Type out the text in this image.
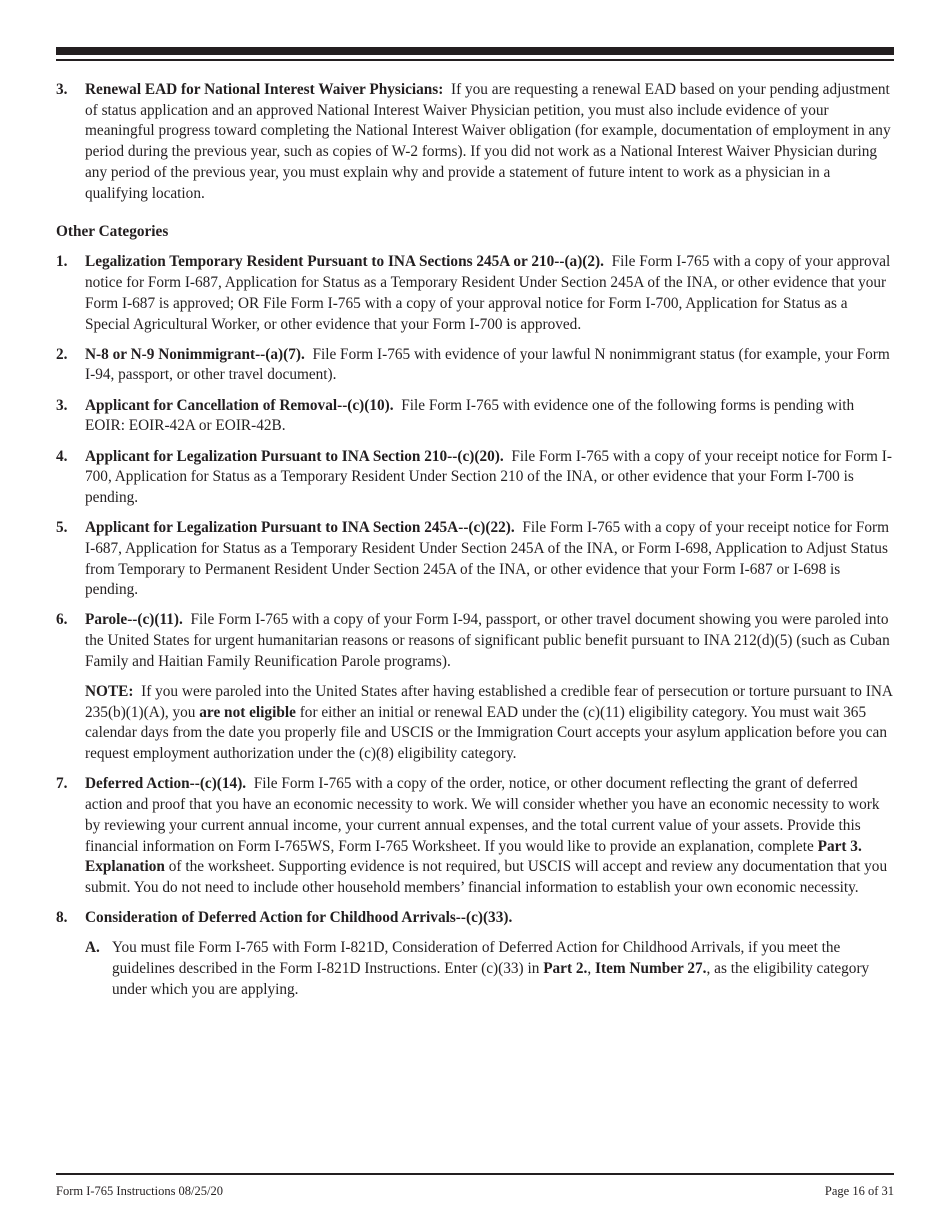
3.	Renewal EAD for National Interest Waiver Physicians: If you are requesting a renewal EAD based on your pending adjustment of status application and an approved National Interest Waiver Physician petition, you must also include evidence of your meaningful progress toward completing the National Interest Waiver obligation (for example, documentation of employment in any period during the previous year, such as copies of W-2 forms). If you did not work as a National Interest Waiver Physician during any period of the previous year, you must explain why and provide a statement of future intent to work as a physician in a qualifying location.
Other Categories
1.	Legalization Temporary Resident Pursuant to INA Sections 245A or 210--(a)(2). File Form I-765 with a copy of your approval notice for Form I-687, Application for Status as a Temporary Resident Under Section 245A of the INA, or other evidence that your Form I-687 is approved; OR File Form I-765 with a copy of your approval notice for Form I-700, Application for Status as a Special Agricultural Worker, or other evidence that your Form I-700 is approved.
2.	N-8 or N-9 Nonimmigrant--(a)(7). File Form I-765 with evidence of your lawful N nonimmigrant status (for example, your Form I-94, passport, or other travel document).
3.	Applicant for Cancellation of Removal--(c)(10). File Form I-765 with evidence one of the following forms is pending with EOIR: EOIR-42A or EOIR-42B.
4.	Applicant for Legalization Pursuant to INA Section 210--(c)(20). File Form I-765 with a copy of your receipt notice for Form I-700, Application for Status as a Temporary Resident Under Section 210 of the INA, or other evidence that your Form I-700 is pending.
5.	Applicant for Legalization Pursuant to INA Section 245A--(c)(22). File Form I-765 with a copy of your receipt notice for Form I-687, Application for Status as a Temporary Resident Under Section 245A of the INA, or Form I-698, Application to Adjust Status from Temporary to Permanent Resident Under Section 245A of the INA, or other evidence that your Form I-687 or I-698 is pending.
6.	Parole--(c)(11). File Form I-765 with a copy of your Form I-94, passport, or other travel document showing you were paroled into the United States for urgent humanitarian reasons or reasons of significant public benefit pursuant to INA 212(d)(5) (such as Cuban Family and Haitian Family Reunification Parole programs).
NOTE: If you were paroled into the United States after having established a credible fear of persecution or torture pursuant to INA 235(b)(1)(A), you are not eligible for either an initial or renewal EAD under the (c)(11) eligibility category. You must wait 365 calendar days from the date you properly file and USCIS or the Immigration Court accepts your asylum application before you can request employment authorization under the (c)(8) eligibility category.
7.	Deferred Action--(c)(14). File Form I-765 with a copy of the order, notice, or other document reflecting the grant of deferred action and proof that you have an economic necessity to work. We will consider whether you have an economic necessity to work by reviewing your current annual income, your current annual expenses, and the total current value of your assets. Provide this financial information on Form I-765WS, Form I-765 Worksheet. If you would like to provide an explanation, complete Part 3. Explanation of the worksheet. Supporting evidence is not required, but USCIS will accept and review any documentation that you submit. You do not need to include other household members’ financial information to establish your own economic necessity.
8.	Consideration of Deferred Action for Childhood Arrivals--(c)(33).
A. You must file Form I-765 with Form I-821D, Consideration of Deferred Action for Childhood Arrivals, if you meet the guidelines described in the Form I-821D Instructions. Enter (c)(33) in Part 2., Item Number 27., as the eligibility category under which you are applying.
Form I-765 Instructions 08/25/20	Page 16 of 31
